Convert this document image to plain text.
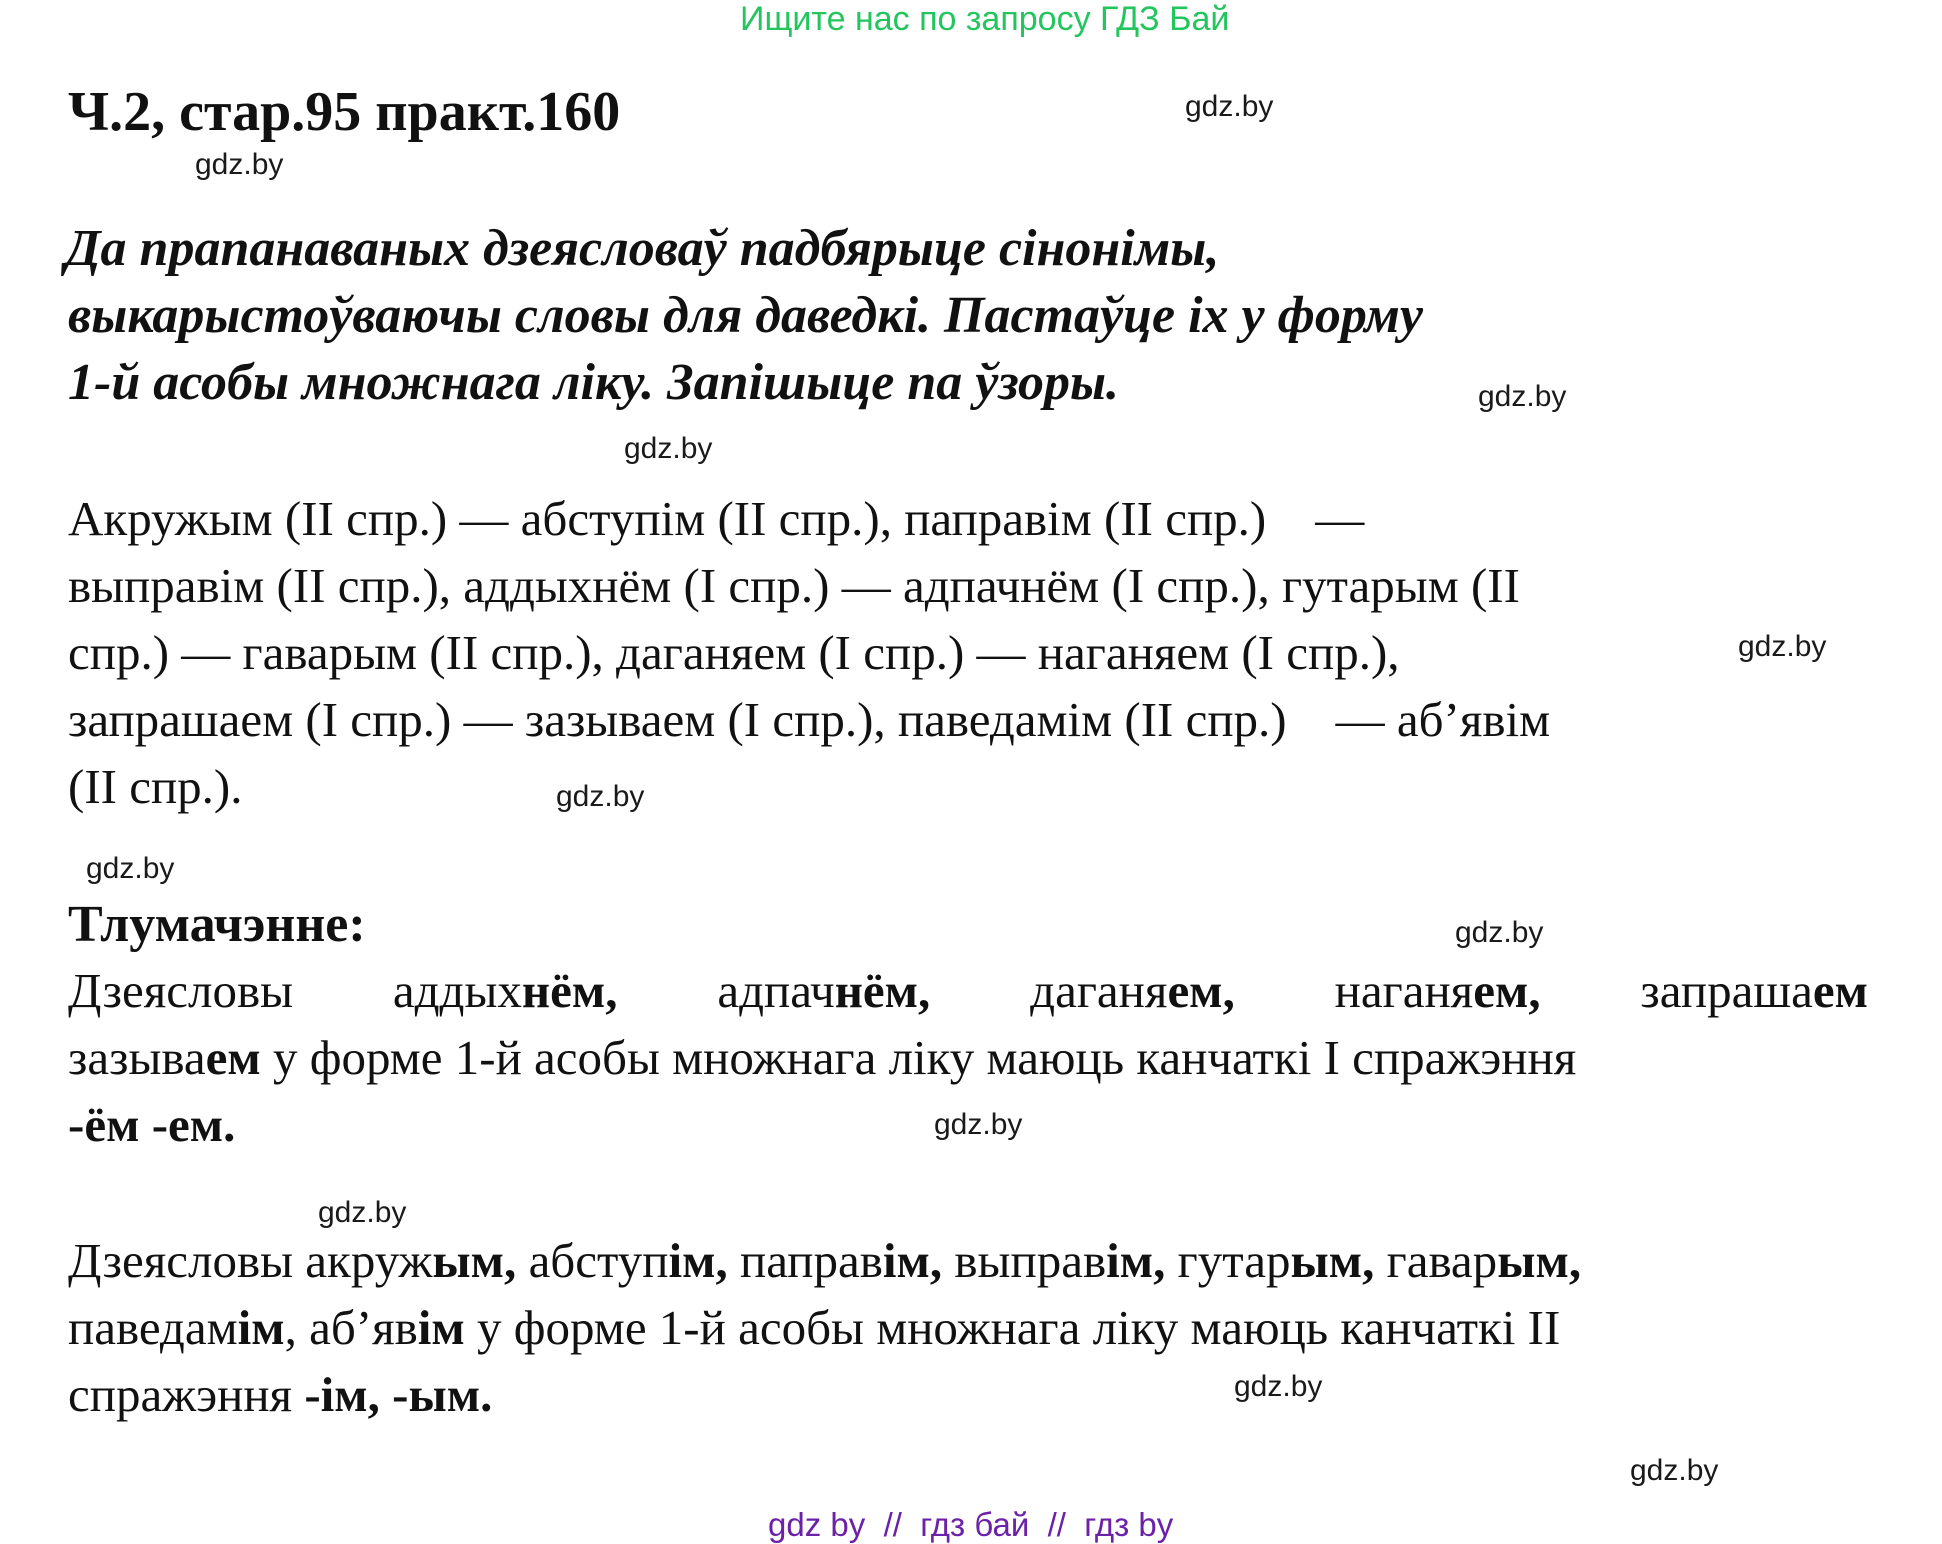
Ищите нас по запросу ГДЗ Бай
Ч.2, стар.95 практ.160
Да прапанаваных дзеясловаў падбярыце сінонімы,
выкарыстоўваючы словы для даведкі. Пастаўце іх у форму
1-й асобы множнага ліку. Запішыце па ўзоры.
Акружым (II спр.) — абступім (II спр.), паправім (II спр.)    —
выправім (II спр.), аддыхнём (I спр.) — адпачнём (I спр.), гутарым (II
спр.) — гаварым (II спр.), даганяем (I спр.) — наганяем (I спр.),
запрашаем (I спр.) — зазываем (I спр.), паведамім (II спр.)    — аб’явім
(II спр.).
Тлумачэнне:
Дзеясловы аддыхнём, адпачнём, даганяем, наганяем, запрашаем
зазываем у форме 1-й асобы множнага ліку маюць канчаткі І спражэння
-ём -ем.
Дзеясловы акружым, абступім, паправім, выправім, гутарым, гаварым,
паведамім, аб’явім у форме 1-й асобы множнага ліку маюць канчаткі II
спражэння -ім, -ым.
gdz.by
gdz.by
gdz.by
gdz.by
gdz.by
gdz.by
gdz.by
gdz.by
gdz.by
gdz.by
gdz.by
gdz.by
gdz by  //  гдз бай  //  гдз by
